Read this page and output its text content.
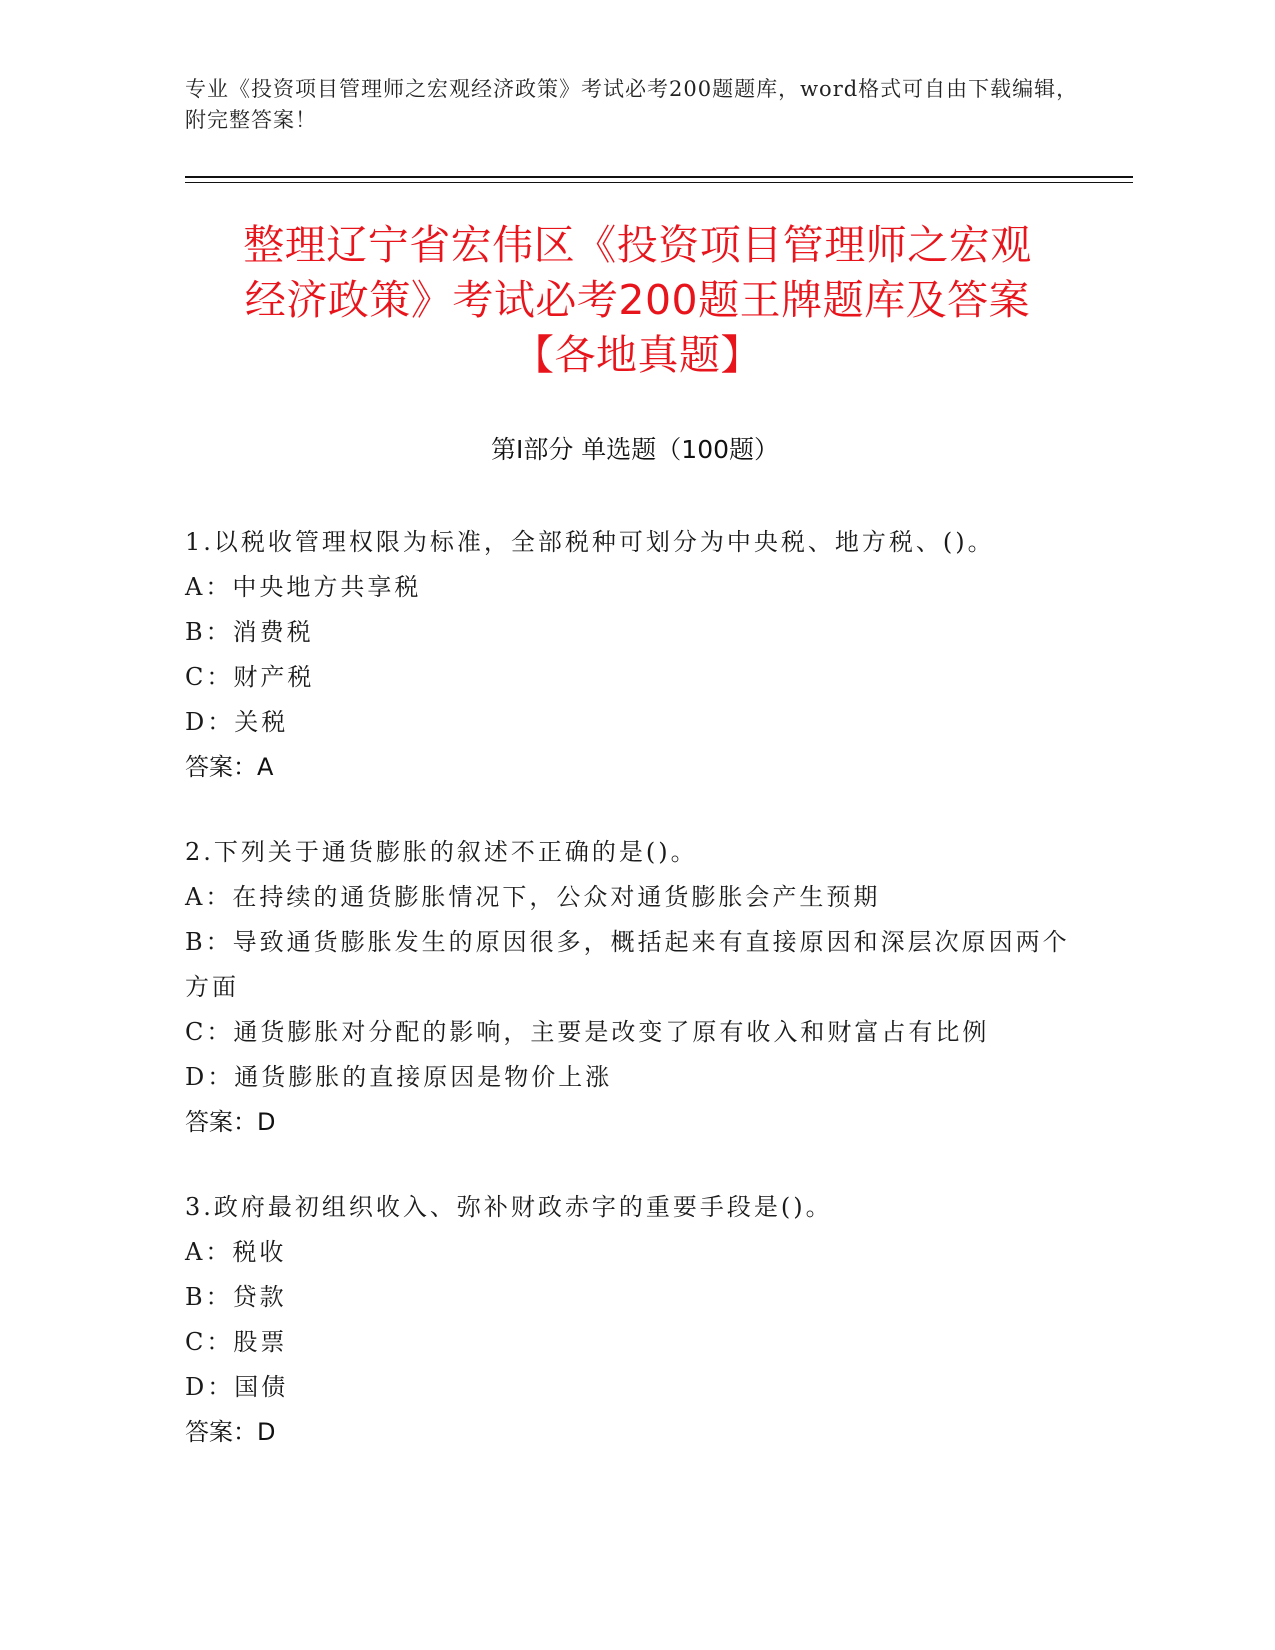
专业《投资项目管理师之宏观经济政策》考试必考200题题库，word格式可自由下载编辑，附完整答案！
整理辽宁省宏伟区《投资项目管理师之宏观
经济政策》考试必考200题王牌题库及答案
【各地真题】
第Ⅰ部分 单选题（100题）

1.以税收管理权限为标准，全部税种可划分为中央税、地方税、()。

A：中央地方共享税

B：消费税

C：财产税

D：关税

答案：A

2.下列关于通货膨胀的叙述不正确的是()。

A：在持续的通货膨胀情况下，公众对通货膨胀会产生预期

B：导致通货膨胀发生的原因很多，概括起来有直接原因和深层次原因两个方面

C：通货膨胀对分配的影响，主要是改变了原有收入和财富占有比例

D：通货膨胀的直接原因是物价上涨

答案：D

3.政府最初组织收入、弥补财政赤字的重要手段是()。

A：税收

B：贷款

C：股票

D：国债

答案：D
